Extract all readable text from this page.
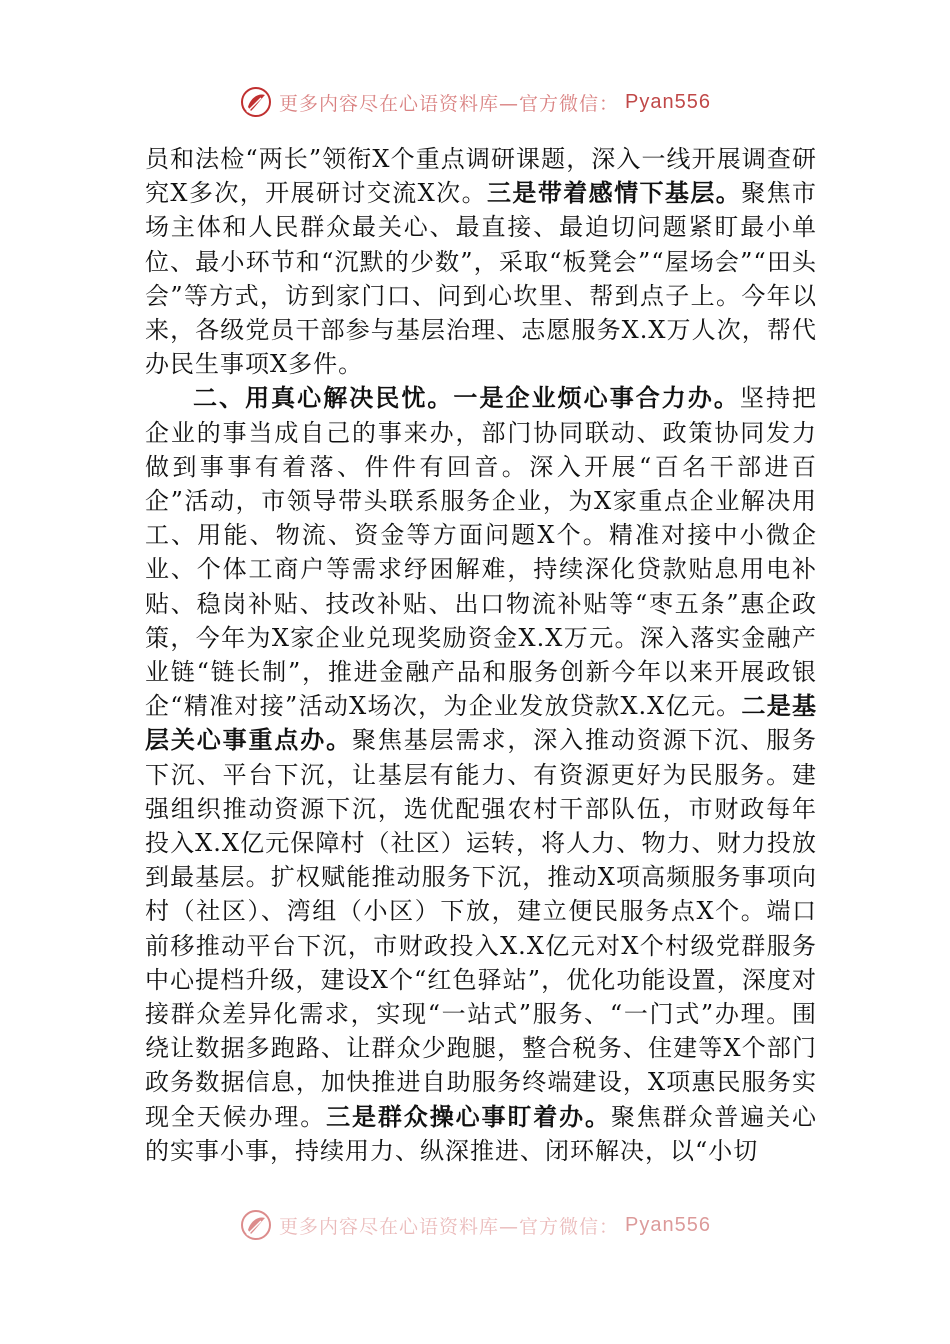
更多内容尽在心语资料库—官方微信： Pyan556

员和法检“两长”领衔X个重点调研课题，深入一线开展调查研究X多次，开展研讨交流X次。三是带着感情下基层。聚焦市场主体和人民群众最关心、最直接、最迫切问题紧盯最小单位、最小环节和“沉默的少数”，采取“板凳会”“屋场会”“田头会”等方式，访到家门口、问到心坎里、帮到点子上。今年以来，各级党员干部参与基层治理、志愿服务X.X万人次，帮代办民生事项X多件。

二、用真心解决民忧。一是企业烦心事合力办。坚持把企业的事当成自己的事来办，部门协同联动、政策协同发力做到事事有着落、件件有回音。深入开展“百名干部进百企”活动，市领导带头联系服务企业，为X家重点企业解决用工、用能、物流、资金等方面问题X个。精准对接中小微企业、个体工商户等需求纾困解难，持续深化贷款贴息用电补贴、稳岗补贴、技改补贴、出口物流补贴等“枣五条”惠企政策，今年为X家企业兑现奖励资金X.X万元。深入落实金融产业链“链长制”，推进金融产品和服务创新今年以来开展政银企“精准对接”活动X场次，为企业发放贷款X.X亿元。二是基层关心事重点办。聚焦基层需求，深入推动资源下沉、服务下沉、平台下沉，让基层有能力、有资源更好为民服务。建强组织推动资源下沉，选优配强农村干部队伍，市财政每年投入X.X亿元保障村（社区）运转，将人力、物力、财力投放到最基层。扩权赋能推动服务下沉，推动X项高频服务事项向村（社区）、湾组（小区）下放，建立便民服务点X个。端口前移推动平台下沉，市财政投入X.X亿元对X个村级党群服务中心提档升级，建设X个“红色驿站”，优化功能设置，深度对接群众差异化需求，实现“一站式”服务、“一门式”办理。围绕让数据多跑路、让群众少跑腿，整合税务、住建等X个部门政务数据信息，加快推进自助服务终端建设，X项惠民服务实现全天候办理。三是群众操心事盯着办。聚焦群众普遍关心的实事小事，持续用力、纵深推进、闭环解决，以“小切

更多内容尽在心语资料库—官方微信： Pyan556
